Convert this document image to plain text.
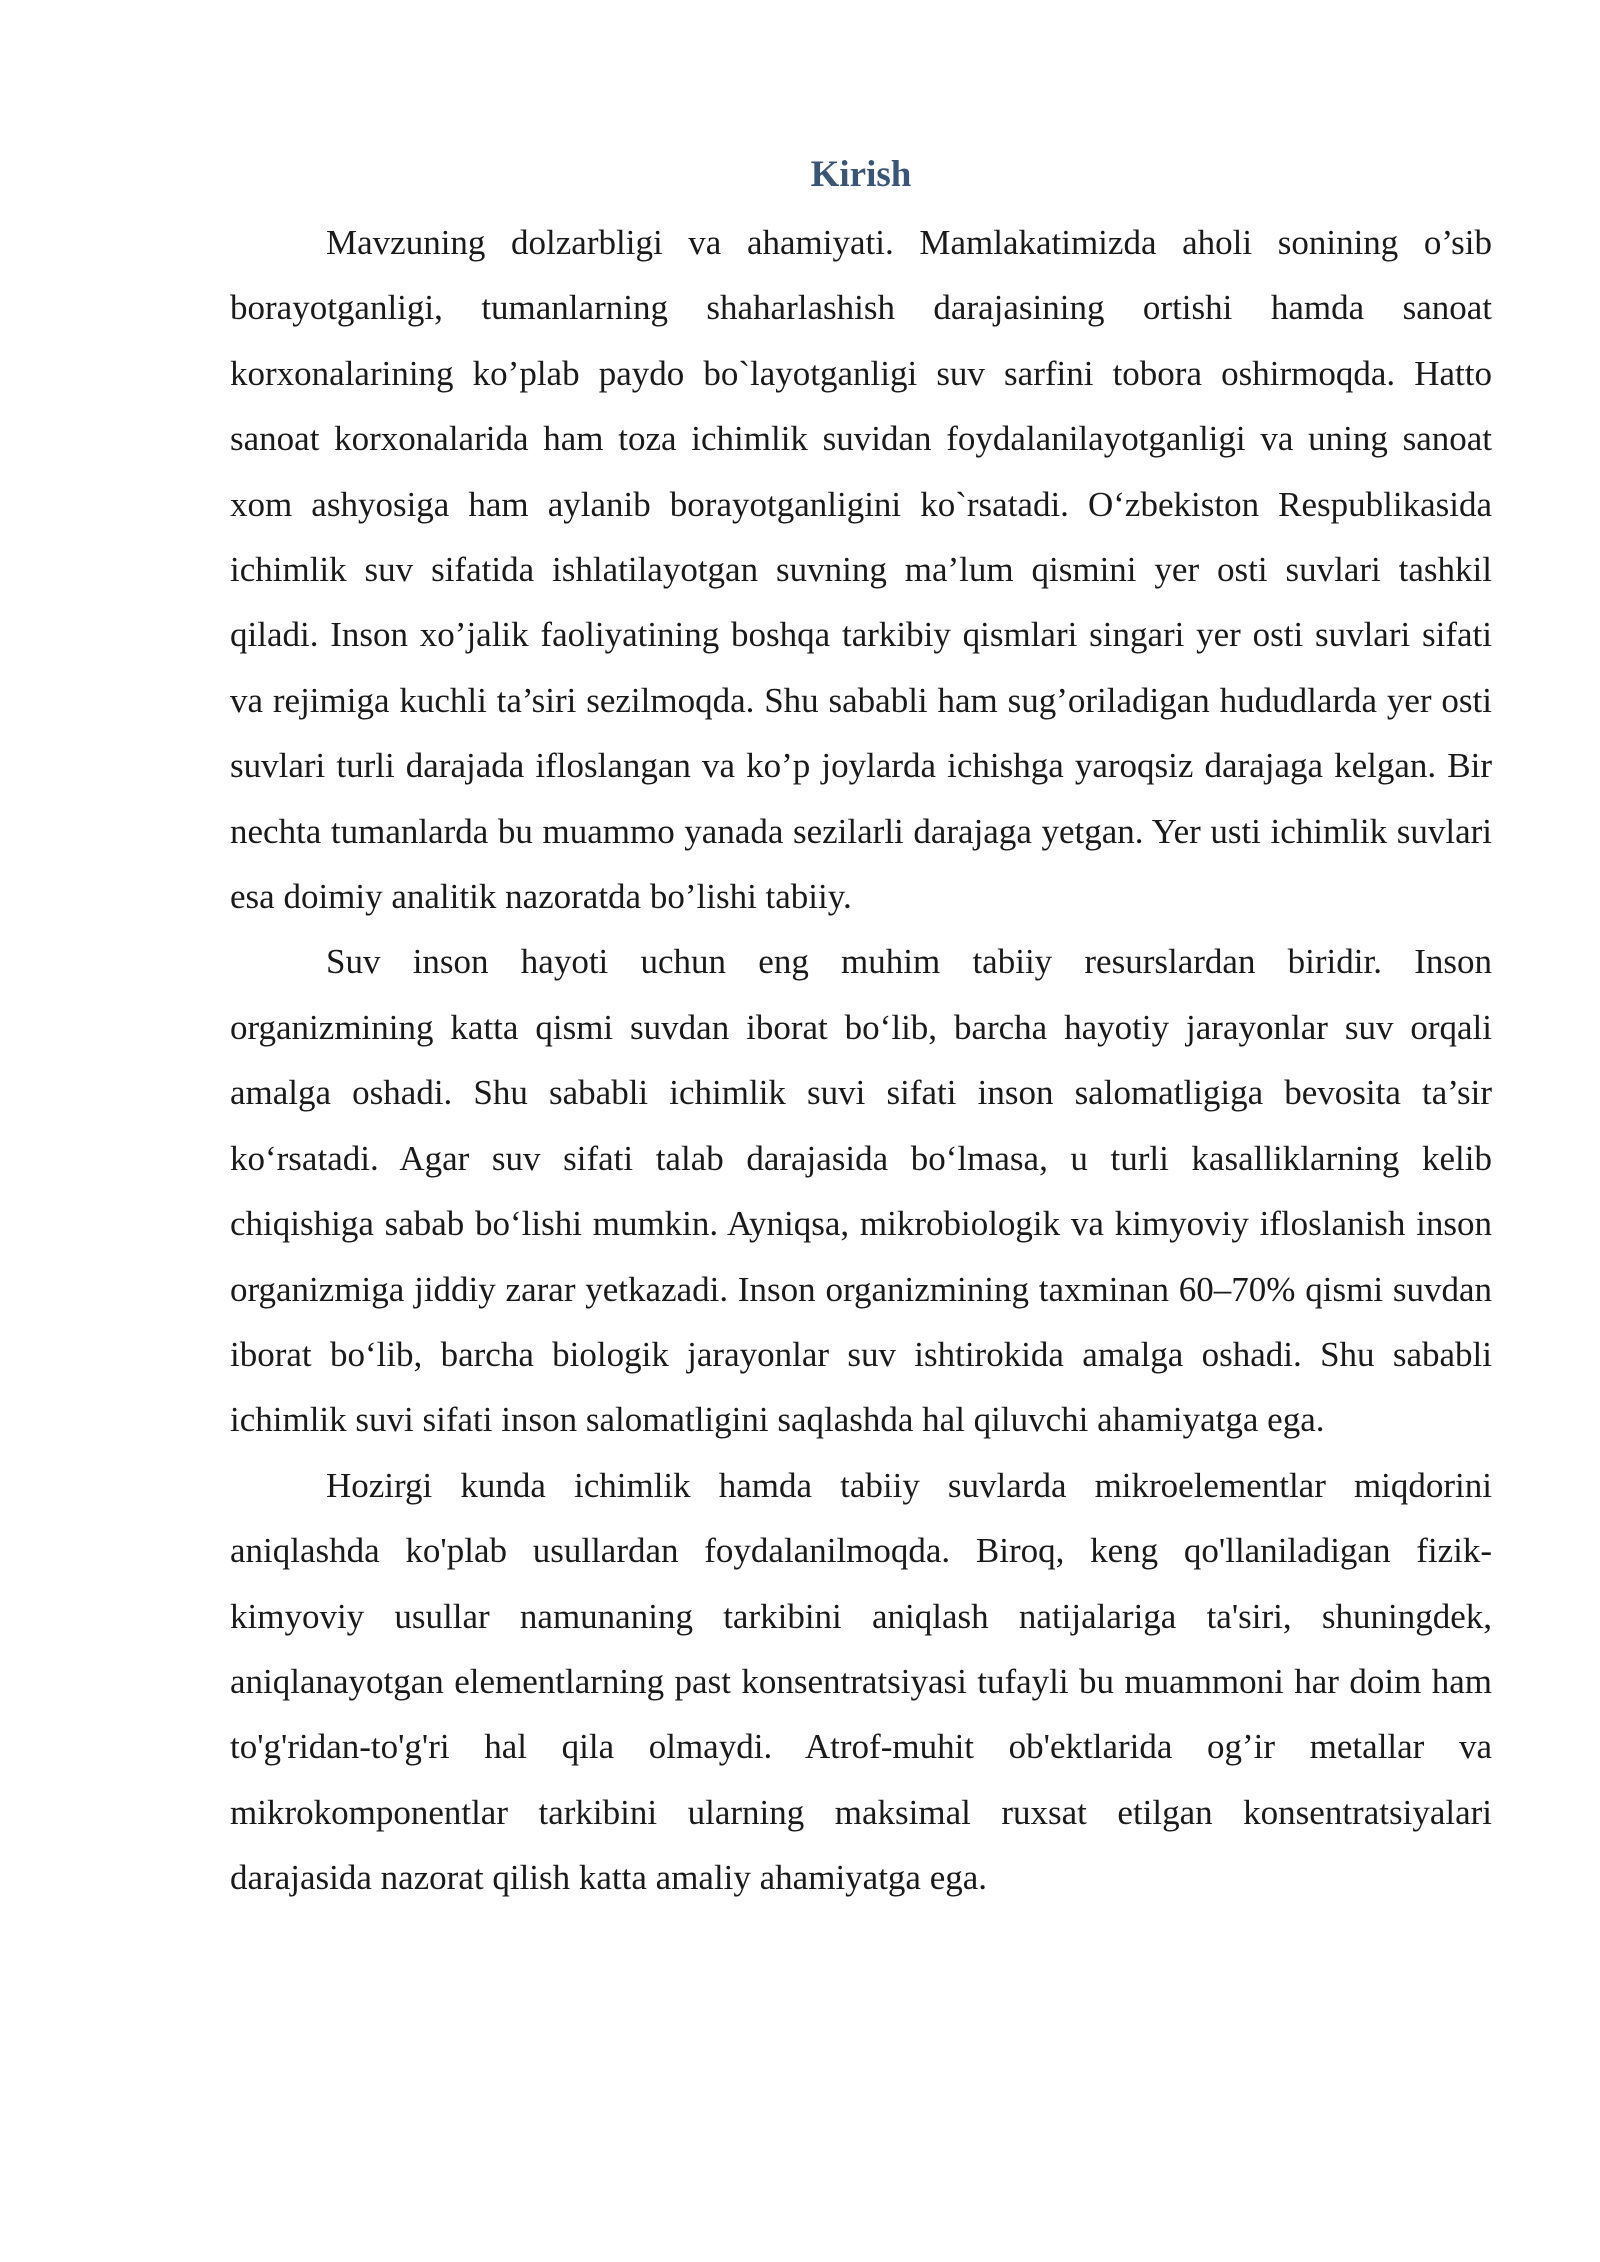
Kirish

Mavzuning dolzarbligi va ahamiyati. Mamlakatimizda aholi sonining o’sib borayotganligi, tumanlarning shaharlashish darajasining ortishi hamda sanoat korxonalarining ko’plab paydo bo`layotganligi suv sarfini tobora oshirmoqda. Hatto sanoat korxonalarida ham toza ichimlik suvidan foydalanilayotganligi va uning sanoat xom ashyosiga ham aylanib borayotganligini ko`rsatadi. O‘zbekiston Respublikasida ichimlik suv sifatida ishlatilayotgan suvning ma’lum qismini yer osti suvlari tashkil qiladi. Inson xo’jalik faoliyatining boshqa tarkibiy qismlari singari yer osti suvlari sifati va rejimiga kuchli ta’siri sezilmoqda. Shu sababli ham sug’oriladigan hududlarda yer osti suvlari turli darajada ifloslangan va ko’p joylarda ichishga yaroqsiz darajaga kelgan. Bir nechta tumanlarda bu muammo yanada sezilarli darajaga yetgan. Yer usti ichimlik suvlari esa doimiy analitik nazoratda bo’lishi tabiiy.

Suv inson hayoti uchun eng muhim tabiiy resurslardan biridir. Inson organizmining katta qismi suvdan iborat bo‘lib, barcha hayotiy jarayonlar suv orqali amalga oshadi. Shu sababli ichimlik suvi sifati inson salomatligiga bevosita ta’sir ko‘rsatadi. Agar suv sifati talab darajasida bo‘lmasa, u turli kasalliklarning kelib chiqishiga sabab bo‘lishi mumkin. Ayniqsa, mikrobiologik va kimyoviy ifloslanish inson organizmiga jiddiy zarar yetkazadi. Inson organizmining taxminan 60–70% qismi suvdan iborat bo‘lib, barcha biologik jarayonlar suv ishtirokida amalga oshadi. Shu sababli ichimlik suvi sifati inson salomatligini saqlashda hal qiluvchi ahamiyatga ega.

Hozirgi kunda ichimlik hamda tabiiy suvlarda mikroelementlar miqdorini aniqlashda ko'plab usullardan foydalanilmoqda. Biroq, keng qo'llaniladigan fizik-kimyoviy usullar namunaning tarkibini aniqlash natijalariga ta'siri, shuningdek, aniqlanayotgan elementlarning past konsentratsiyasi tufayli bu muammoni har doim ham to'g'ridan-to'g'ri hal qila olmaydi. Atrof-muhit ob'ektlarida og’ir metallar va mikrokomponentlar tarkibini ularning maksimal ruxsat etilgan konsentratsiyalari darajasida nazorat qilish katta amaliy ahamiyatga ega.
